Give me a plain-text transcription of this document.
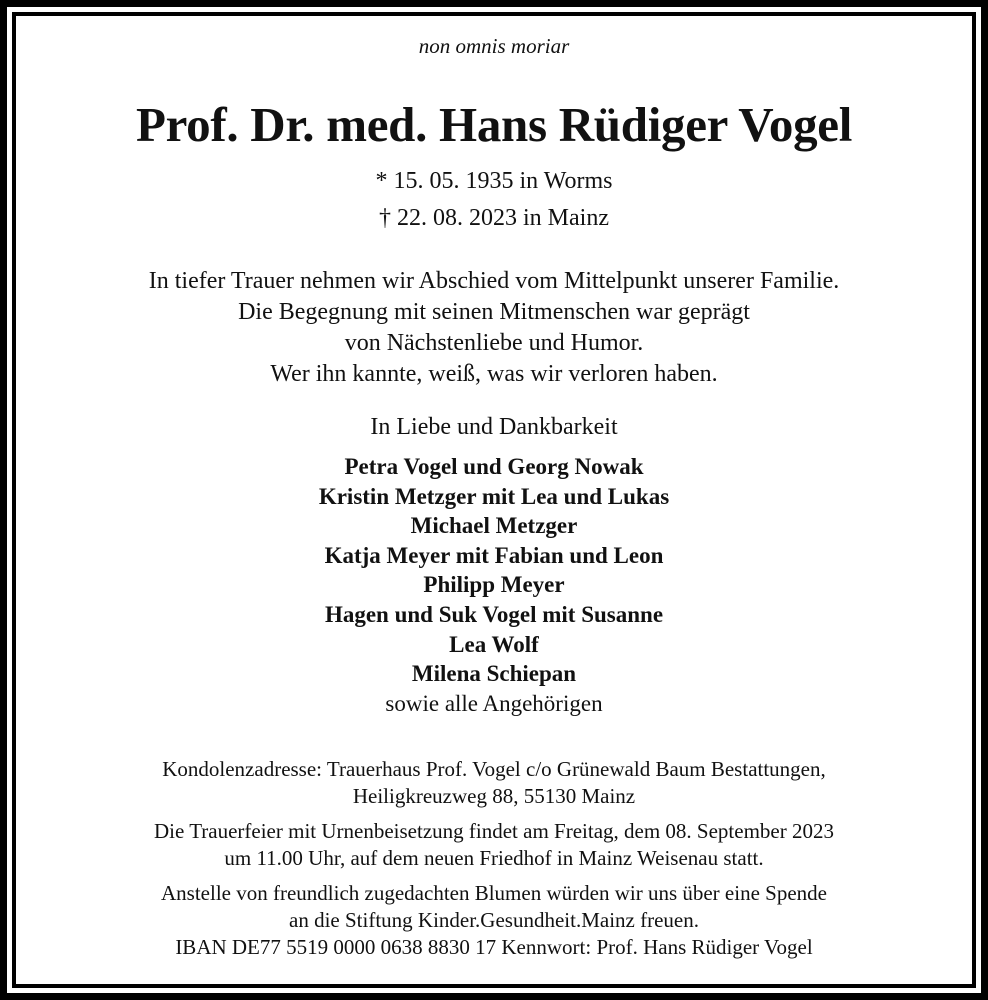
non omnis moriar
Prof. Dr. med. Hans Rüdiger Vogel
* 15. 05. 1935 in Worms
† 22. 08. 2023 in Mainz
In tiefer Trauer nehmen wir Abschied vom Mittelpunkt unserer Familie.
Die Begegnung mit seinen Mitmenschen war geprägt
von Nächstenliebe und Humor.
Wer ihn kannte, weiß, was wir verloren haben.
In Liebe und Dankbarkeit
Petra Vogel und Georg Nowak
Kristin Metzger mit Lea und Lukas
Michael Metzger
Katja Meyer mit Fabian und Leon
Philipp Meyer
Hagen und Suk Vogel mit Susanne
Lea Wolf
Milena Schiepan
sowie alle Angehörigen
Kondolenzadresse: Trauerhaus Prof. Vogel c/o Grünewald Baum Bestattungen,
Heiligkreuzweg 88, 55130 Mainz
Die Trauerfeier mit Urnenbeisetzung findet am Freitag, dem 08. September 2023
um 11.00 Uhr, auf dem neuen Friedhof in Mainz Weisenau statt.
Anstelle von freundlich zugedachten Blumen würden wir uns über eine Spende
an die Stiftung Kinder.Gesundheit.Mainz freuen.
IBAN DE77 5519 0000 0638 8830 17 Kennwort: Prof. Hans Rüdiger Vogel
